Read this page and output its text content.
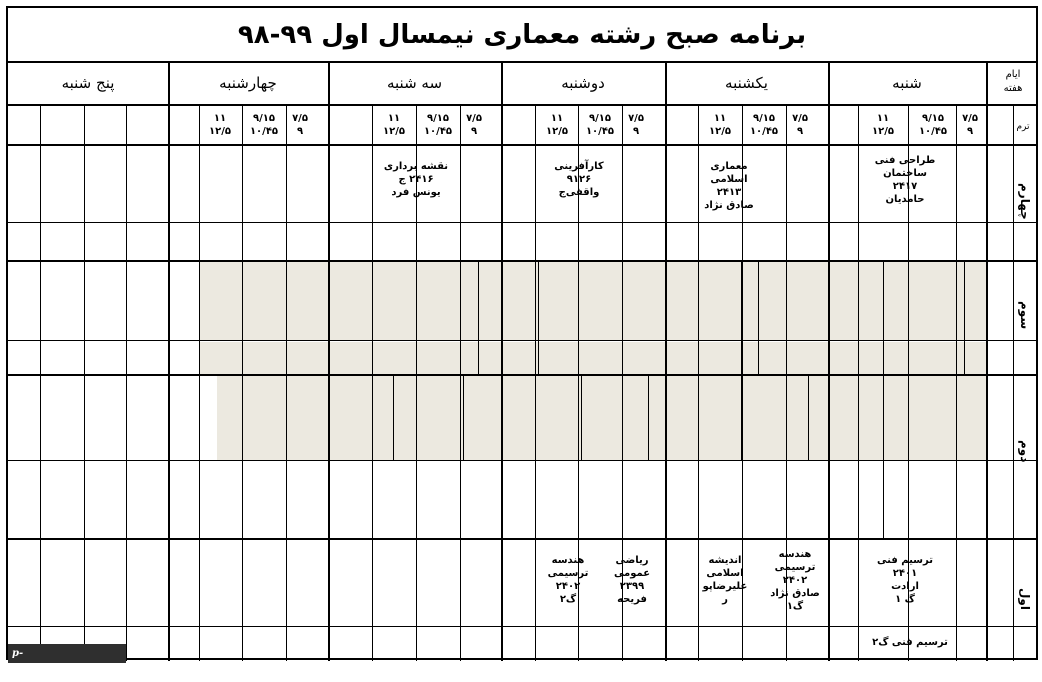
برنامه صبح رشته معماری نیمسال اول ۹۹-۹۸
ایام
هفته
ترم
شنبه
یکشنبه
دوشنبه
سه شنبه
چهارشنبه
پنج شنبه
۷/۵
۹
۹/۱۵
۱۰/۴۵
۱۱
۱۲/۵
۷/۵
۹
۹/۱۵
۱۰/۴۵
۱۱
۱۲/۵
۷/۵
۹
۹/۱۵
۱۰/۴۵
۱۱
۱۲/۵
۷/۵
۹
۹/۱۵
۱۰/۴۵
۱۱
۱۲/۵
۷/۵
۹
۹/۱۵
۱۰/۴۵
۱۱
۱۲/۵
چهارم
سوم
دوم
اول
طراحی فنی
ساختمان
۲۴۱۷
حامدیان
معماری اسلامی
۲۴۱۳
صادق نژاد
کارآفرینی
۹۱۲۶
واقفی‌ج
نقشه برداری
۲۴۱۶ ج
یونس فرد
ترسیم فنی
۲۴۰۱
ارادت
گ ۱
ترسیم فنی گ۲
هندسه
ترسیمی
۲۴۰۲
صادق نژاد
گ۱
اندیشه
اسلامی
علیرضاپو
ر
ریاضی
عمومی
۲۳۹۹
فریحه
هندسه
ترسیمی
۲۴۰۲
گ۲
p-estahban.nus.ac.ir
